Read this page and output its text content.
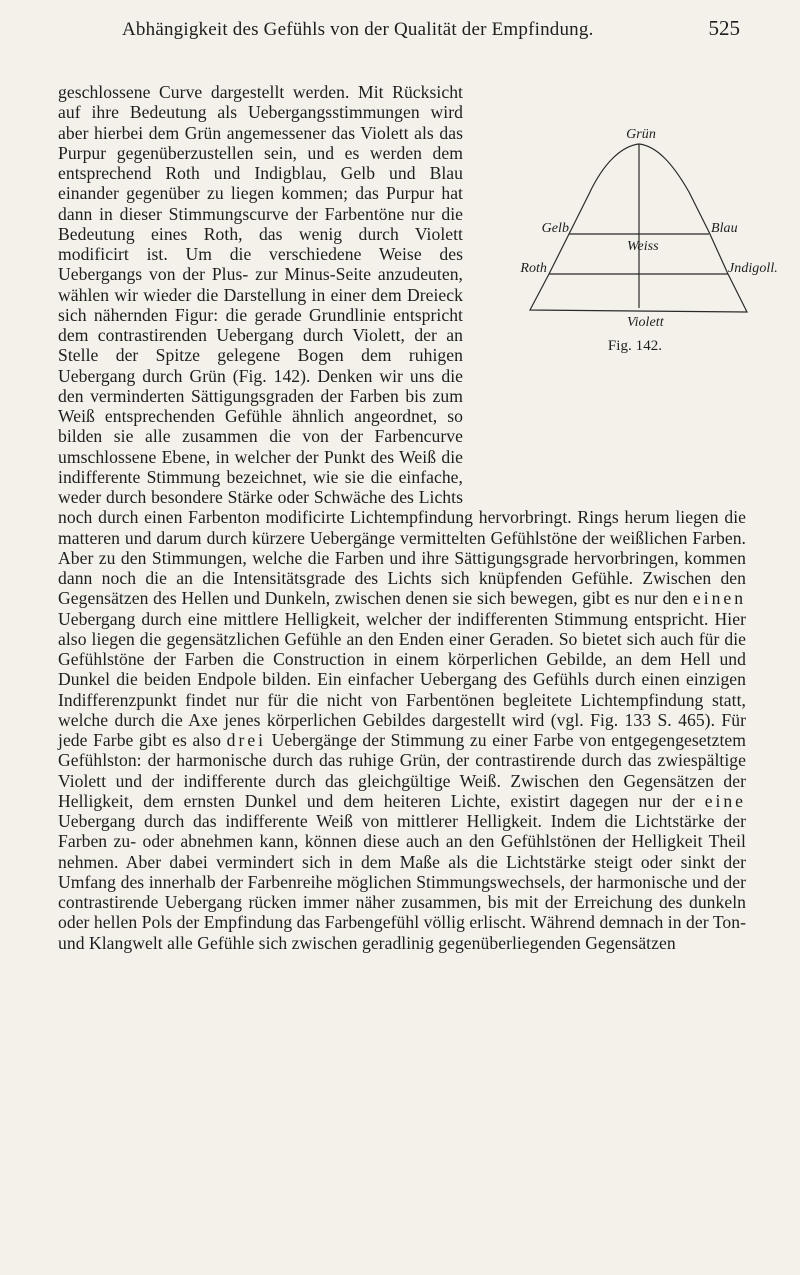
Abhängigkeit des Gefühls von der Qualität der Empfindung.	525
Grün
Gelb	Blau
Weiss
Roth	Jndigoll.
Violett
Fig. 142.

geschlossene Curve dargestellt werden. Mit Rücksicht auf ihre Bedeutung als Uebergangsstimmungen wird aber hierbei dem Grün angemessener das Violett als das Purpur gegenüberzustellen sein, und es werden dem entsprechend Roth und Indigblau, Gelb und Blau einander gegenüber zu liegen kommen; das Purpur hat dann in dieser Stimmungscurve der Farbentöne nur die Bedeutung eines Roth, das wenig durch Violett modificirt ist. Um die verschiedene Weise des Uebergangs von der Plus- zur Minus-Seite anzudeuten, wählen wir wieder die Darstellung in einer dem Dreieck sich nähernden Figur: die gerade Grundlinie entspricht dem contrastirenden Uebergang durch Violett, der an Stelle der Spitze gelegene Bogen dem ruhigen Uebergang durch Grün (Fig. 142). Denken wir uns die den verminderten Sättigungsgraden der Farben bis zum Weiß entsprechenden Gefühle ähnlich angeordnet, so bilden sie alle zusammen die von der Farbencurve umschlossene Ebene, in welcher der Punkt des Weiß die indifferente Stimmung bezeichnet, wie sie die einfache, weder durch besondere Stärke oder Schwäche des Lichts noch durch einen Farbenton modificirte Lichtempfindung hervorbringt. Rings herum liegen die matteren und darum durch kürzere Uebergänge vermittelten Gefühlstöne der weißlichen Farben. Aber zu den Stimmungen, welche die Farben und ihre Sättigungsgrade hervorbringen, kommen dann noch die an die Intensitätsgrade des Lichts sich knüpfenden Gefühle. Zwischen den Gegensätzen des Hellen und Dunkeln, zwischen denen sie sich bewegen, gibt es nur den einen Uebergang durch eine mittlere Helligkeit, welcher der indifferenten Stimmung entspricht. Hier also liegen die gegensätzlichen Gefühle an den Enden einer Geraden. So bietet sich auch für die Gefühlstöne der Farben die Construction in einem körperlichen Gebilde, an dem Hell und Dunkel die beiden Endpole bilden. Ein einfacher Uebergang des Gefühls durch einen einzigen Indifferenzpunkt findet nur für die nicht von Farbentönen begleitete Lichtempfindung statt, welche durch die Axe jenes körperlichen Gebildes dargestellt wird (vgl. Fig. 133 S. 465). Für jede Farbe gibt es also drei Uebergänge der Stimmung zu einer Farbe von entgegengesetztem Gefühlston: der harmonische durch das ruhige Grün, der contrastirende durch das zwiespältige Violett und der indifferente durch das gleichgültige Weiß. Zwischen den Gegensätzen der Helligkeit, dem ernsten Dunkel und dem heiteren Lichte, existirt dagegen nur der eine Uebergang durch das indifferente Weiß von mittlerer Helligkeit. Indem die Lichtstärke der Farben zu- oder abnehmen kann, können diese auch an den Gefühlstönen der Helligkeit Theil nehmen. Aber dabei vermindert sich in dem Maße als die Lichtstärke steigt oder sinkt der Umfang des innerhalb der Farbenreihe möglichen Stimmungswechsels, der harmonische und der contrastirende Uebergang rücken immer näher zusammen, bis mit der Erreichung des dunkeln oder hellen Pols der Empfindung das Farbengefühl völlig erlischt. Während demnach in der Ton- und Klangwelt alle Gefühle sich zwischen geradlinig gegenüberliegenden Gegensätzen
